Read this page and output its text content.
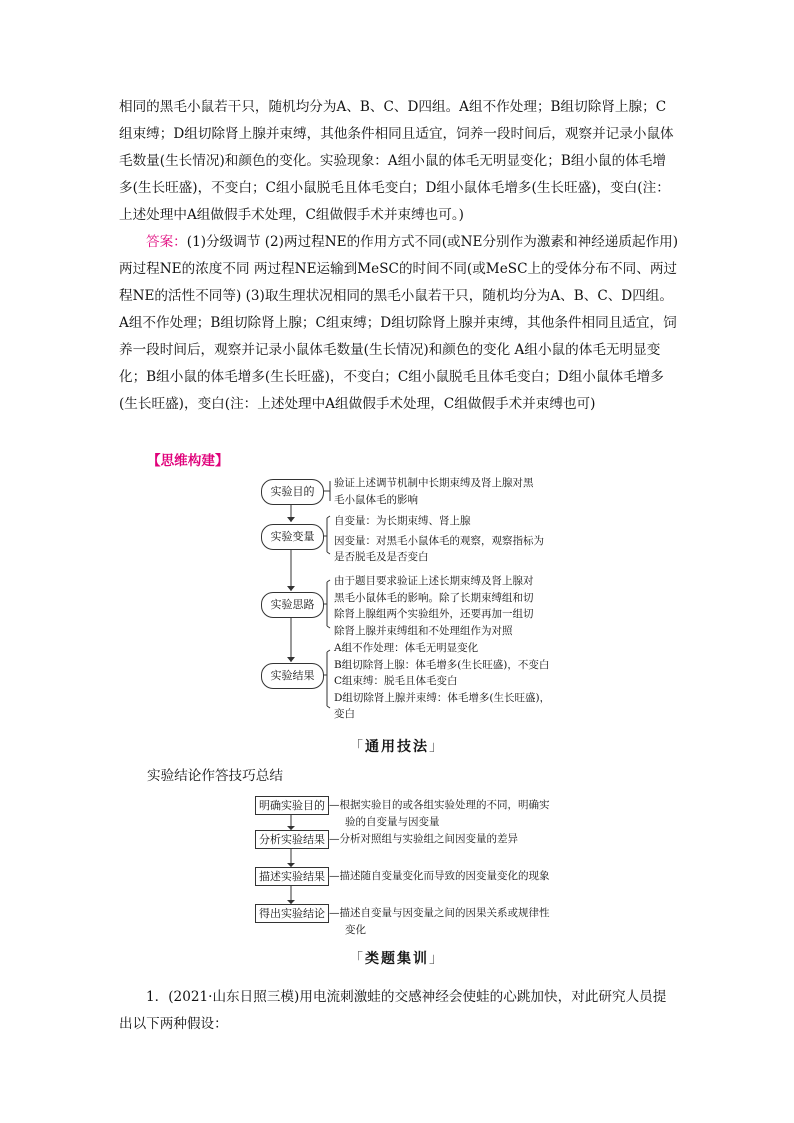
相同的黑毛小鼠若干只，随机均分为A、B、C、D四组。A组不作处理；B组切除肾上腺；C组束缚；D组切除肾上腺并束缚，其他条件相同且适宜，饲养一段时间后，观察并记录小鼠体毛数量(生长情况)和颜色的变化。实验现象：A组小鼠的体毛无明显变化；B组小鼠的体毛增多(生长旺盛)，不变白；C组小鼠脱毛且体毛变白；D组小鼠体毛增多(生长旺盛)，变白(注：上述处理中A组做假手术处理，C组做假手术并束缚也可。)

答案：(1)分级调节 (2)两过程NE的作用方式不同(或NE分别作为激素和神经递质起作用) 两过程NE的浓度不同 两过程NE运输到MeSC的时间不同(或MeSC上的受体分布不同、两过程NE的活性不同等) (3)取生理状况相同的黑毛小鼠若干只，随机均分为A、B、C、D四组。A组不作处理；B组切除肾上腺；C组束缚；D组切除肾上腺并束缚，其他条件相同且适宜，饲养一段时间后，观察并记录小鼠体毛数量(生长情况)和颜色的变化 A组小鼠的体毛无明显变化；B组小鼠的体毛增多(生长旺盛)，不变白；C组小鼠脱毛且体毛变白；D组小鼠体毛增多(生长旺盛)，变白(注：上述处理中A组做假手术处理，C组做假手术并束缚也可)

【思维构建】

实验目的
实验变量
实验思路
实验结果
验证上述调节机制中长期束缚及肾上腺对黑
毛小鼠体毛的影响
自变量：为长期束缚、肾上腺
因变量：对黑毛小鼠体毛的观察，观察指标为
是否脱毛及是否变白
由于题目要求验证上述长期束缚及肾上腺对
黑毛小鼠体毛的影响。除了长期束缚组和切
除肾上腺组两个实验组外，还要再加一组切
除肾上腺并束缚组和不处理组作为对照
A组不作处理：体毛无明显变化
B组切除肾上腺：体毛增多(生长旺盛)，不变白
C组束缚：脱毛且体毛变白
D组切除肾上腺并束缚：体毛增多(生长旺盛)，
变白

「通用技法」

实验结论作答技巧总结

明确实验目的
分析实验结果
描述实验结果
得出实验结论
—根据实验目的或各组实验处理的不同，明确实
验的自变量与因变量
—分析对照组与实验组之间因变量的差异
—描述随自变量变化而导致的因变量变化的现象
—描述自变量与因变量之间的因果关系或规律性
变化

「类题集训」

1．(2021·山东日照三模)用电流刺激蛙的交感神经会使蛙的心跳加快，对此研究人员提出以下两种假设：
